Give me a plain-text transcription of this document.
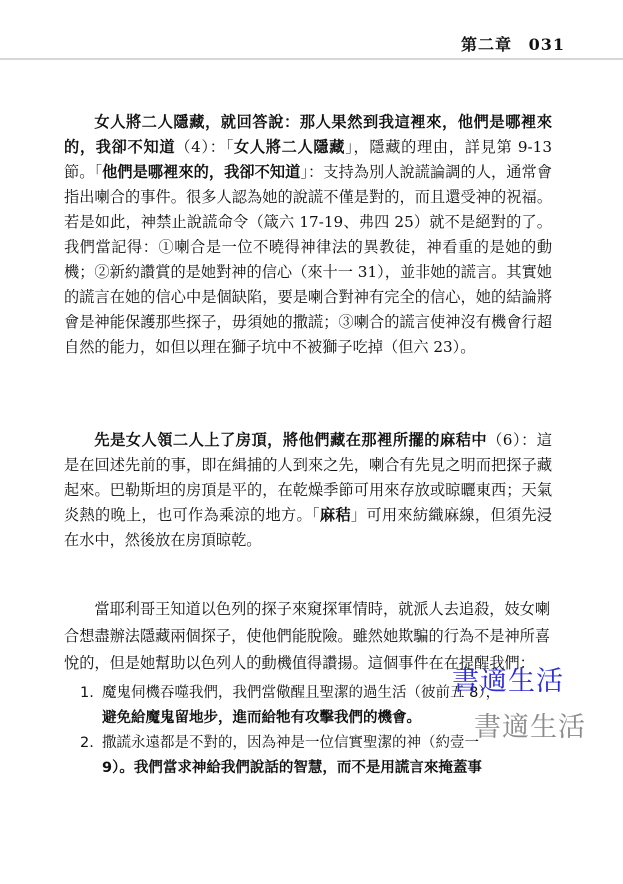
第二章 031

女人將二人隱藏，就回答說：那人果然到我這裡來，他們是哪裡來的，我卻不知道（4）：「女人將二人隱藏」，隱藏的理由，詳見第 9-13 節。「他們是哪裡來的，我卻不知道」：支持為別人說謊論調的人，通常會指出喇合的事件。很多人認為她的說謊不僅是對的，而且還受神的祝福。若是如此，神禁止說謊命令（箴六 17-19、弗四 25）就不是絕對的了。我們當記得：①喇合是一位不曉得神律法的異教徒，神看重的是她的動機；②新約讚賞的是她對神的信心（來十一 31），並非她的謊言。其實她的謊言在她的信心中是個缺陷，要是喇合對神有完全的信心，她的結論將會是神能保護那些探子，毋須她的撒謊；③喇合的謊言使神沒有機會行超自然的能力，如但以理在獅子坑中不被獅子吃掉（但六 23）。

先是女人領二人上了房頂，將他們藏在那裡所擺的麻秸中（6）：這是在回述先前的事，即在緝捕的人到來之先，喇合有先見之明而把探子藏起來。巴勒斯坦的房頂是平的，在乾燥季節可用來存放或晾曬東西；天氣炎熱的晚上，也可作為乘涼的地方。「麻秸」可用來紡織麻線，但須先浸在水中，然後放在房頂晾乾。

當耶利哥王知道以色列的探子來窺探軍情時，就派人去追殺，妓女喇合想盡辦法隱藏兩個探子，使他們能脫險。雖然她欺騙的行為不是神所喜悅的，但是她幫助以色列人的動機值得讚揚。這個事件在在提醒我們：

1. 魔鬼伺機吞噬我們，我們當儆醒且聖潔的過生活（彼前五 8），
避免給魔鬼留地步，進而給牠有攻擊我們的機會。
2. 撒謊永遠都是不對的，因為神是一位信實聖潔的神（約壹一
9）。我們當求神給我們說話的智慧，而不是用謊言來掩蓋事
書適生活
書適生活
